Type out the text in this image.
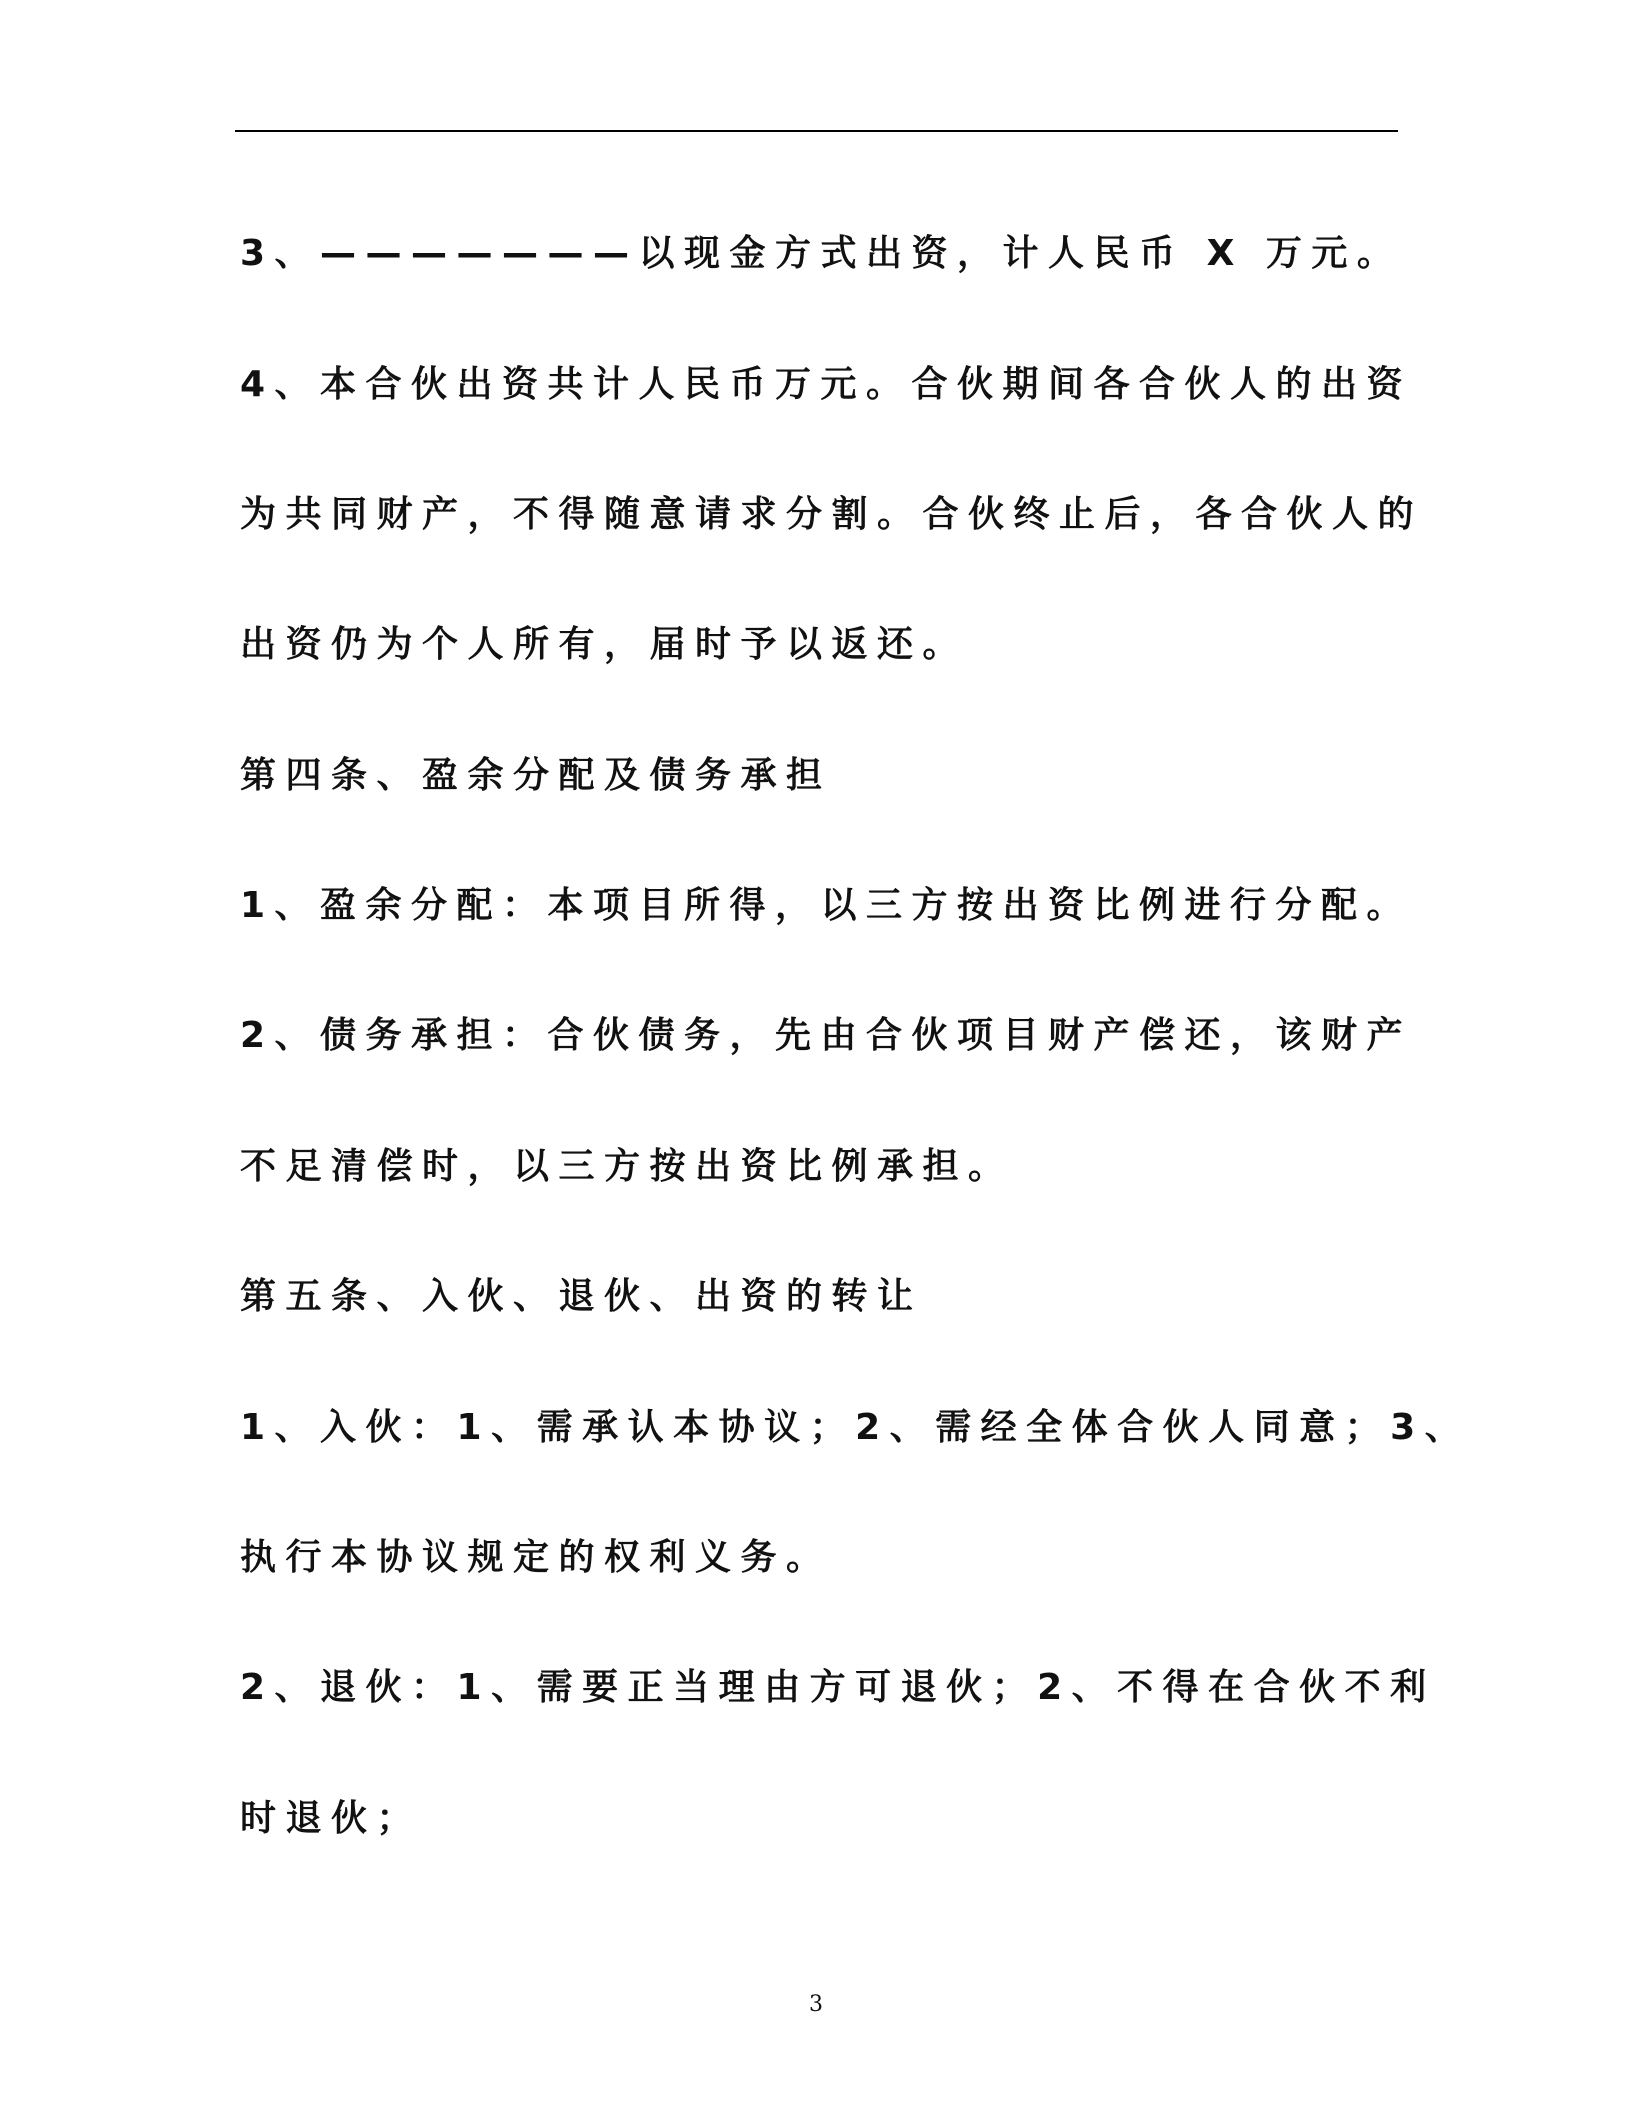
3、———————以现金方式出资，计人民币 X 万元。
4、本合伙出资共计人民币万元。合伙期间各合伙人的出资
为共同财产，不得随意请求分割。合伙终止后，各合伙人的
出资仍为个人所有，届时予以返还。
第四条、盈余分配及债务承担
1、盈余分配：本项目所得，以三方按出资比例进行分配。
2、债务承担：合伙债务，先由合伙项目财产偿还，该财产
不足清偿时，以三方按出资比例承担。
第五条、入伙、退伙、出资的转让
1、入伙：1、需承认本协议；2、需经全体合伙人同意；3、
执行本协议规定的权利义务。
2、退伙：1、需要正当理由方可退伙；2、不得在合伙不利
时退伙；
3
